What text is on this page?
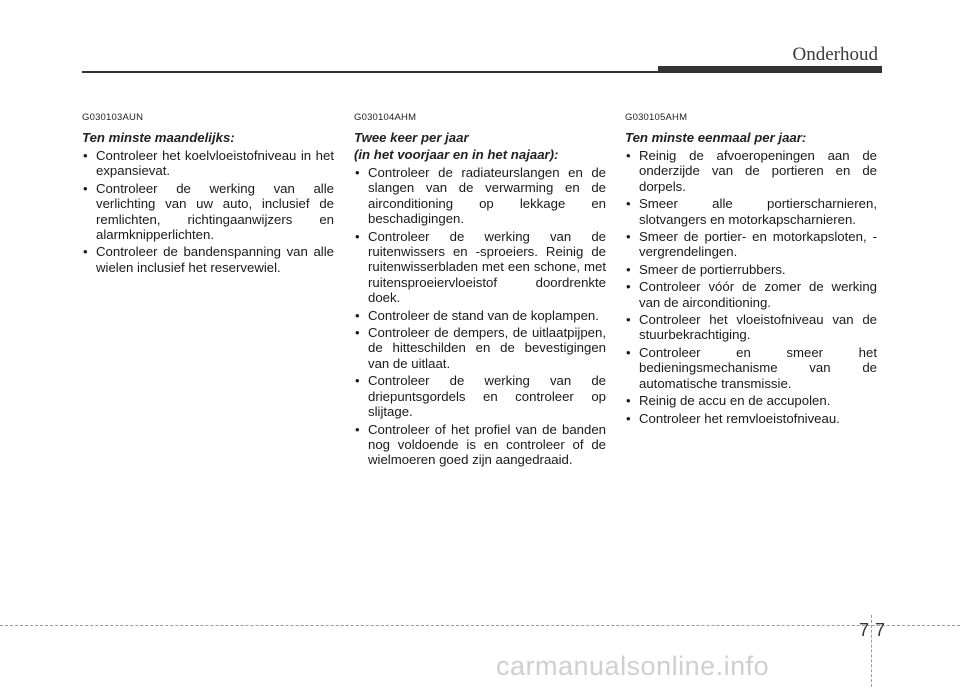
Onderhoud
G030103AUN
Ten minste maandelijks:
• Controleer het koelvloeistofniveau in het expansievat.
• Controleer de werking van alle verlichting van uw auto, inclusief de remlichten, richtingaanwijzers en alarmknipperlichten.
• Controleer de bandenspanning van alle wielen inclusief het reservewiel.
G030104AHM
Twee keer per jaar
(in het voorjaar en in het najaar):
• Controleer de radiateurslangen en de slangen van de verwarming en de airconditioning op lekkage en beschadigingen.
• Controleer de werking van de ruitenwissers en -sproeiers. Reinig de ruitenwisserbladen met een schone, met ruitensproeiervloeistof doordrenkte doek.
• Controleer de stand van de koplampen.
• Controleer de dempers, de uitlaatpijpen, de hitteschilden en de bevestigingen van de uitlaat.
• Controleer de werking van de driepuntsgordels en controleer op slijtage.
• Controleer of het profiel van de banden nog voldoende is en controleer of de wielmoeren goed zijn aangedraaid.
G030105AHM
Ten minste eenmaal per jaar:
• Reinig de afvoeropeningen aan de onderzijde van de portieren en de dorpels.
• Smeer alle portierscharnieren, slotvangers en motorkapscharnieren.
• Smeer de portier- en motorkapsloten, -vergrendelingen.
• Smeer de portierrubbers.
• Controleer vóór de zomer de werking van de airconditioning.
• Controleer het vloeistofniveau van de stuurbekrachtiging.
• Controleer en smeer het bedieningsmechanisme van de automatische transmissie.
• Reinig de accu en de accupolen.
• Controleer het remvloeistofniveau.
7 7
carmanualsonline.info
